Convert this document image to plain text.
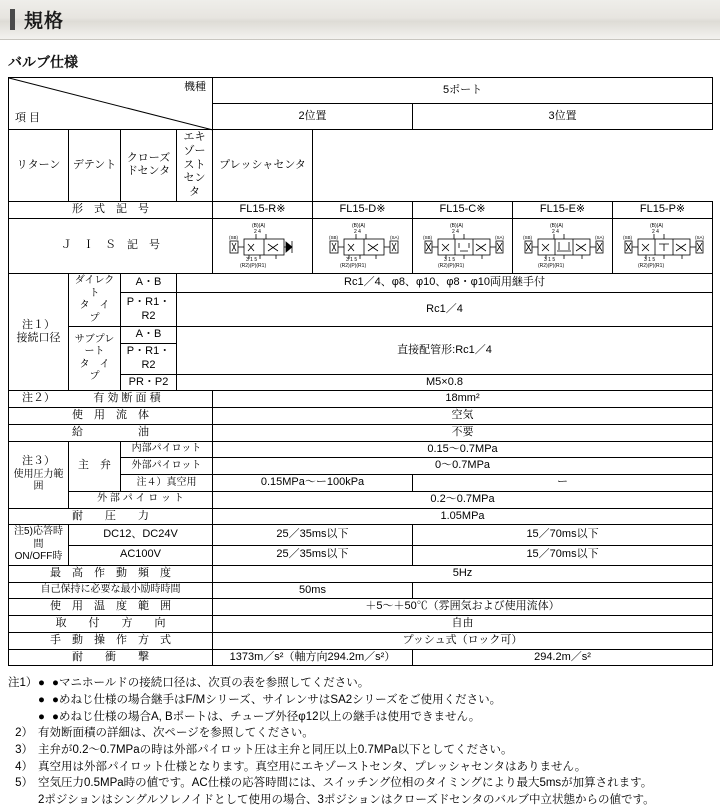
規格
バルブ仕様
機種
項目				5ポート				
				2位置		3位置		
リターン	デテント	クローズドセンタ	エキゾーストセンタ	プレッシャセンタ				
形　式　記　号				FL15-R※	FL15-D※	FL15-C※	FL15-E※	FL15-P※
Ｊ　Ｉ　Ｓ　記　号	
(B)(A)
2 4
3 1 5
(R2)(P)(R1)
(SB)

(B)(A)
2 4
3 1 5
(R2)(P)(R1)
(SB)	(SA)

(B)(A)
2 4
3 1 5
(R2)(P)(R1)
(SB)	(SA)

(B)(A)
2 4
3 1 5
(R2)(P)(R1)
(SB)	(SA)

(B)(A)
2 4
3 1 5
(R2)(P)(R1)
(SB)	(SA)

注１）
接続口径
	ダイレクト
タ　イ　プ	A・B	Rc1／4、φ8、φ10、φ8・φ10両用継手付
		P・R1・R2	Rc1／4					
	サブプレート
タ　イ　プ	A・B	直接配管形:Rc1／4					
		P・R1・R2						
		PR・P2	M5×0.8					

注２） 有 効 断 面 積				18mm²				
使　用　流　体				空気				
給　　　　　油				不要				

注３）
使用圧力範囲	主　弁	内部パイロット		0.15～0.7MPa				
		外部パイロット		0～0.7MPa				
		注４）真空用		0.15MPa～ー100kPa		ー		
	外 部 パ イ ロ ッ ト			0.2～0.7MPa				
耐　　圧　　力				1.05MPa				

注5)応答時間
ON/OFF時	DC12、DC24V			25／35ms以下		15／70ms以下		
	AC100V			25／35ms以下		15／70ms以下		
最　高　作　動　頻　度				5Hz				
自己保持に必要な最小励時時間				50ms				
使　用　温　度　範　囲				＋5～＋50℃（雰囲気および使用流体）				
取　　付　　方　　向				自由				
手　動　操　作　方　式				プッシュ式（ロック可）				
耐　　衝　　撃				1373m／s²（軸方向294.2m／s²）		294.2m／s²		
注1） ● ●マニホールドの接続口径は、次頁の表を参照してください。
● ●めねじ仕様の場合継手はF/Mシリーズ、サイレンサはSA2シリーズをご使用ください。
● ●めねじ仕様の場合A, Bポートは、チューブ外径φ12以上の継手は使用できません。
2） 有効断面積の詳細は、次ページを参照してください。
3） 主弁が0.2～0.7MPaの時は外部パイロット圧は主弁と同圧以上0.7MPa以下としてください。
4） 真空用は外部パイロット仕様となります。真空用にエキゾーストセンタ、プレッシャセンタはありません。
5） 空気圧力0.5MPa時の値です。AC仕様の応答時間には、スイッチング位相のタイミングにより最大5msが加算されます。
2ポジションはシングルソレノイドとして使用の場合、3ポジションはクローズドセンタのバルブ中立状態からの値です。
